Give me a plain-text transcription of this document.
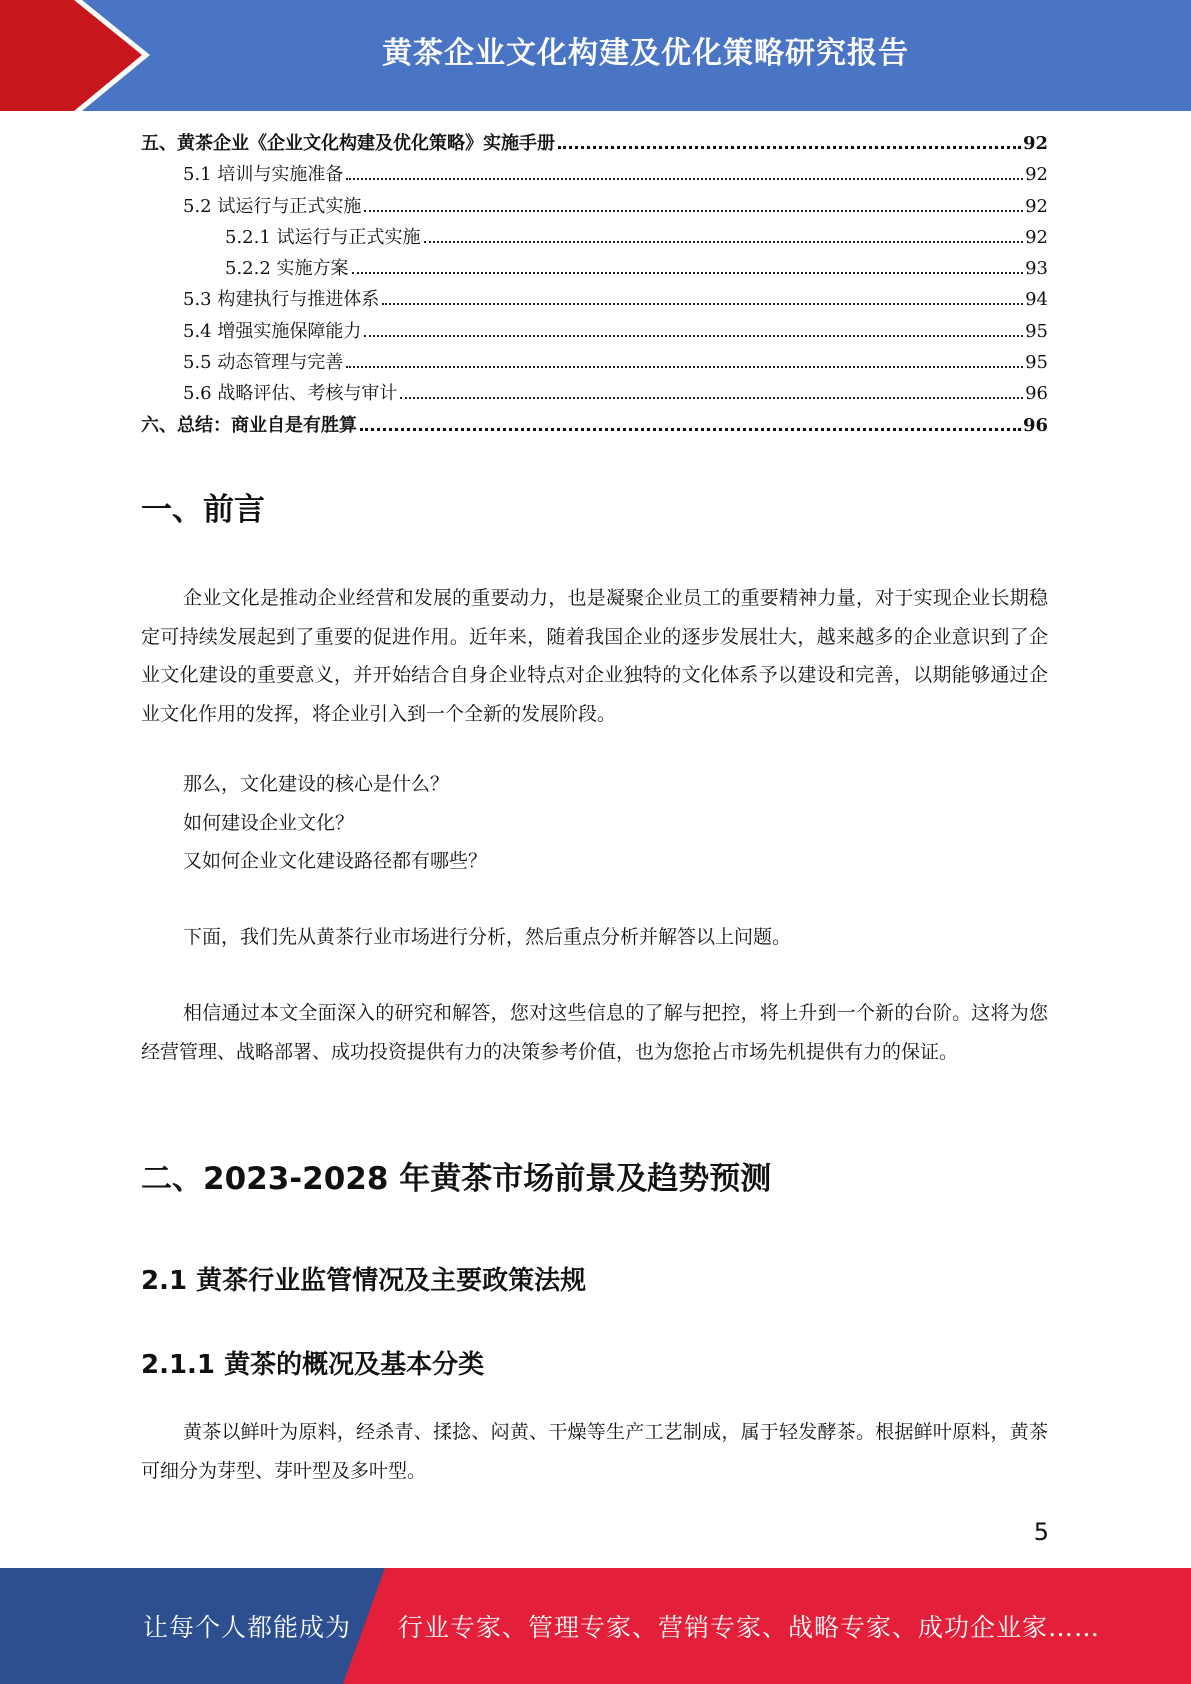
黄茶企业文化构建及优化策略研究报告
五、黄茶企业《企业文化构建及优化策略》实施手册	92
5.1 培训与实施准备	92
5.2 试运行与正式实施	92
5.2.1 试运行与正式实施	92
5.2.2 实施方案	93
5.3 构建执行与推进体系	94
5.4 增强实施保障能力	95
5.5 动态管理与完善	95
5.6 战略评估、考核与审计	96
六、总结：商业自是有胜算	96
一、前言

企业文化是推动企业经营和发展的重要动力，也是凝聚企业员工的重要精神力量，对于实现企业长期稳定可持续发展起到了重要的促进作用。近年来，随着我国企业的逐步发展壮大，越来越多的企业意识到了企业文化建设的重要意义，并开始结合自身企业特点对企业独特的文化体系予以建设和完善，以期能够通过企业文化作用的发挥，将企业引入到一个全新的发展阶段。

那么，文化建设的核心是什么？
如何建设企业文化？
又如何企业文化建设路径都有哪些？

下面，我们先从黄茶行业市场进行分析，然后重点分析并解答以上问题。

相信通过本文全面深入的研究和解答，您对这些信息的了解与把控，将上升到一个新的台阶。这将为您经营管理、战略部署、成功投资提供有力的决策参考价值，也为您抢占市场先机提供有力的保证。

二、2023-2028 年黄茶市场前景及趋势预测
2.1 黄茶行业监管情况及主要政策法规
2.1.1 黄茶的概况及基本分类

黄茶以鲜叶为原料，经杀青、揉捻、闷黄、干燥等生产工艺制成，属于轻发酵茶。根据鲜叶原料，黄茶可细分为芽型、芽叶型及多叶型。

5
让每个人都能成为 行业专家、管理专家、营销专家、战略专家、成功企业家……
